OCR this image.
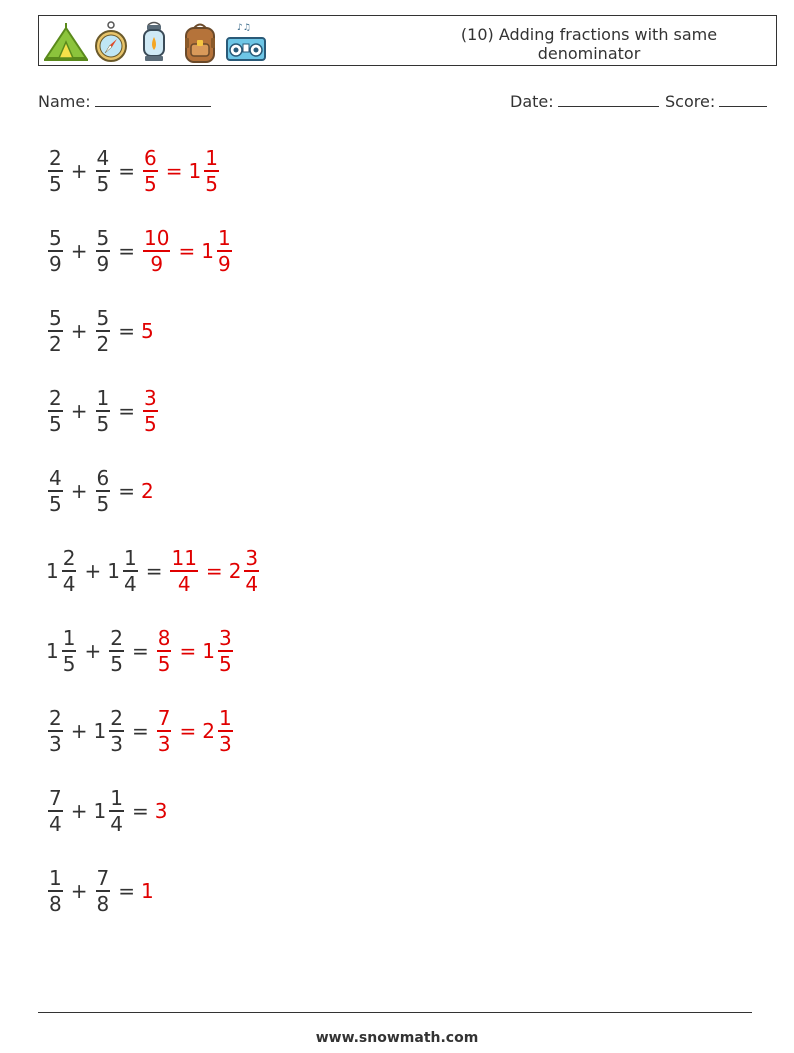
♪♫	(10) Adding fractions with same denominator
Name:	Date:	Score:
$\frac{2}{5} + \frac{4}{5} = \frac{6}{5} = 1 \frac{1}{5}$
$\frac{5}{9} + \frac{5}{9} = \frac{10}{9} = 1 \frac{1}{9}$
$\frac{5}{2} + \frac{5}{2} = 5$
$\frac{2}{5} + \frac{1}{5} = \frac{3}{5}$
$\frac{4}{5} + \frac{6}{5} = 2$
$1 \frac{2}{4} + 1 \frac{1}{4} = \frac{11}{4} = 2 \frac{3}{4}$
$1 \frac{1}{5} + \frac{2}{5} = \frac{8}{5} = 1 \frac{3}{5}$
$\frac{2}{3} + 1 \frac{2}{3} = \frac{7}{3} = 2 \frac{1}{3}$
$\frac{7}{4} + 1 \frac{1}{4} = 3$
$\frac{1}{8} + \frac{7}{8} = 1$
www.snowmath.com
